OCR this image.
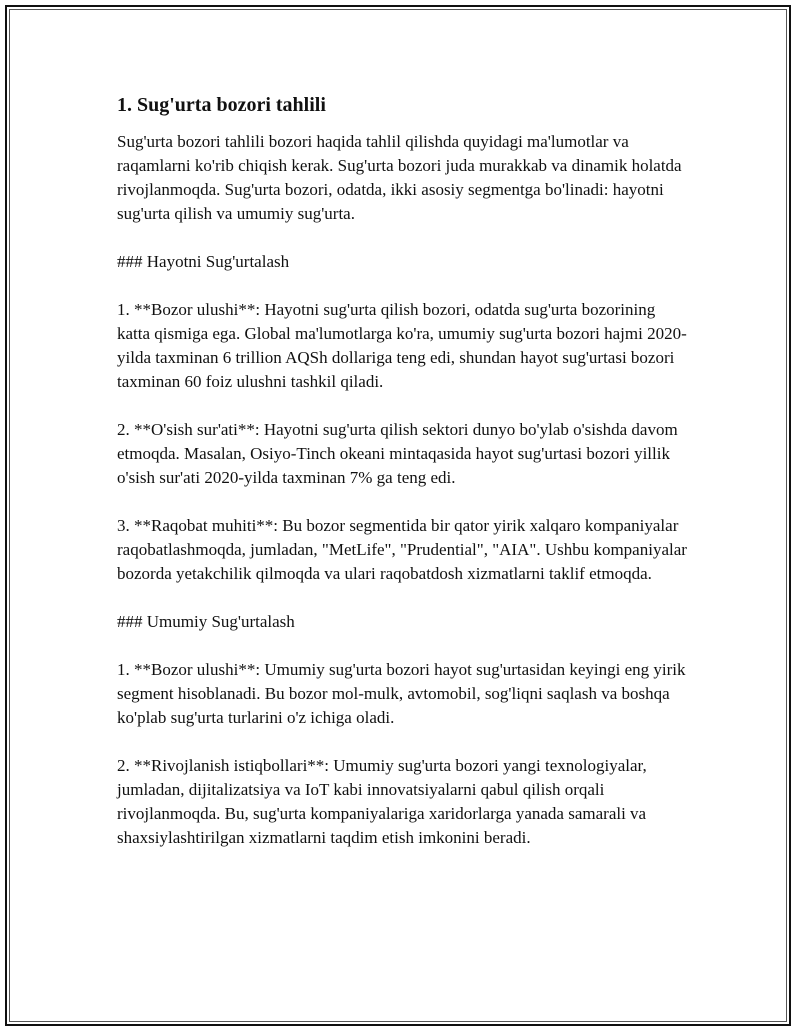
1. Sug'urta bozori tahlili

Sug'urta bozori tahlili bozori haqida tahlil qilishda quyidagi ma'lumotlar va raqamlarni ko'rib chiqish kerak. Sug'urta bozori juda murakkab va dinamik holatda rivojlanmoqda. Sug'urta bozori, odatda, ikki asosiy segmentga bo'linadi: hayotni sug'urta qilish va umumiy sug'urta.

### Hayotni Sug'urtalash

1. **Bozor ulushi**: Hayotni sug'urta qilish bozori, odatda sug'urta bozorining katta qismiga ega. Global ma'lumotlarga ko'ra, umumiy sug'urta bozori hajmi 2020-yilda taxminan 6 trillion AQSh dollariga teng edi, shundan hayot sug'urtasi bozori taxminan 60 foiz ulushni tashkil qiladi.

2. **O'sish sur'ati**: Hayotni sug'urta qilish sektori dunyo bo'ylab o'sishda davom etmoqda. Masalan, Osiyo-Tinch okeani mintaqasida hayot sug'urtasi bozori yillik o'sish sur'ati 2020-yilda taxminan 7% ga teng edi.

3. **Raqobat muhiti**: Bu bozor segmentida bir qator yirik xalqaro kompaniyalar raqobatlashmoqda, jumladan, "MetLife", "Prudential", "AIA". Ushbu kompaniyalar bozorda yetakchilik qilmoqda va ulari raqobatdosh xizmatlarni taklif etmoqda.

### Umumiy Sug'urtalash

1. **Bozor ulushi**: Umumiy sug'urta bozori hayot sug'urtasidan keyingi eng yirik segment hisoblanadi. Bu bozor mol-mulk, avtomobil, sog'liqni saqlash va boshqa ko'plab sug'urta turlarini o'z ichiga oladi.

2. **Rivojlanish istiqbollari**: Umumiy sug'urta bozori yangi texnologiyalar, jumladan, dijitalizatsiya va IoT kabi innovatsiyalarni qabul qilish orqali rivojlanmoqda. Bu, sug'urta kompaniyalariga xaridorlarga yanada samarali va shaxsiylashtirilgan xizmatlarni taqdim etish imkonini beradi.
